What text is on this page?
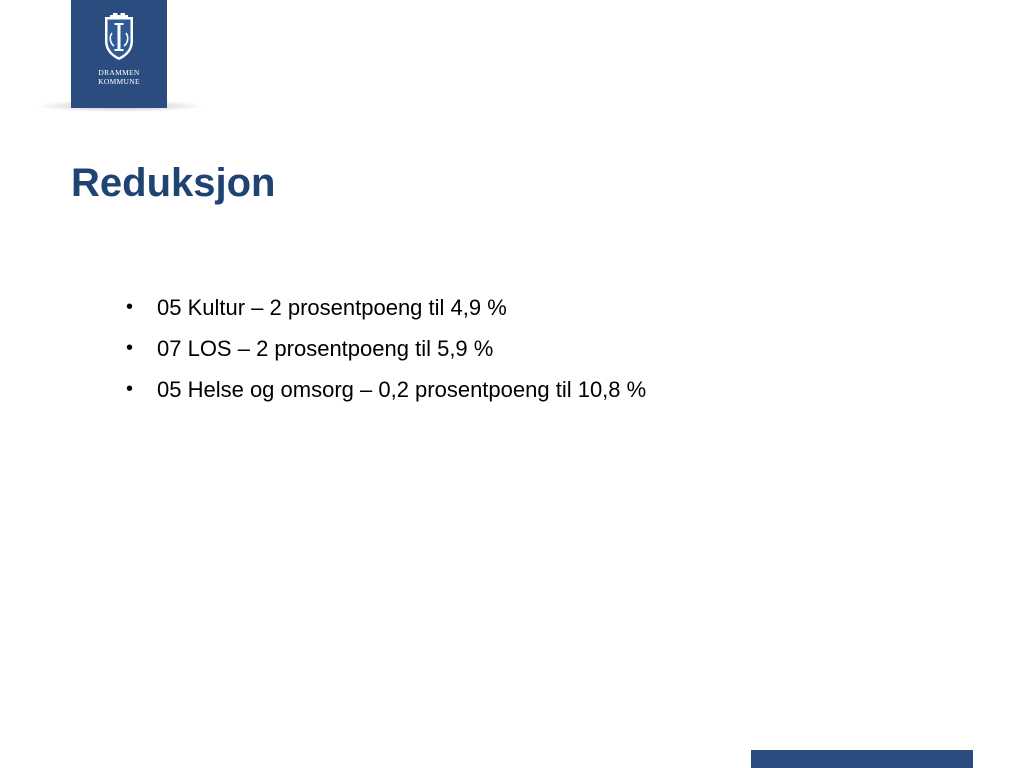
DRAMMEN
KOMMUNE
Reduksjon
• 05 Kultur – 2 prosentpoeng til 4,9 %
• 07 LOS – 2 prosentpoeng til 5,9 %
• 05 Helse og omsorg – 0,2 prosentpoeng til 10,8 %
